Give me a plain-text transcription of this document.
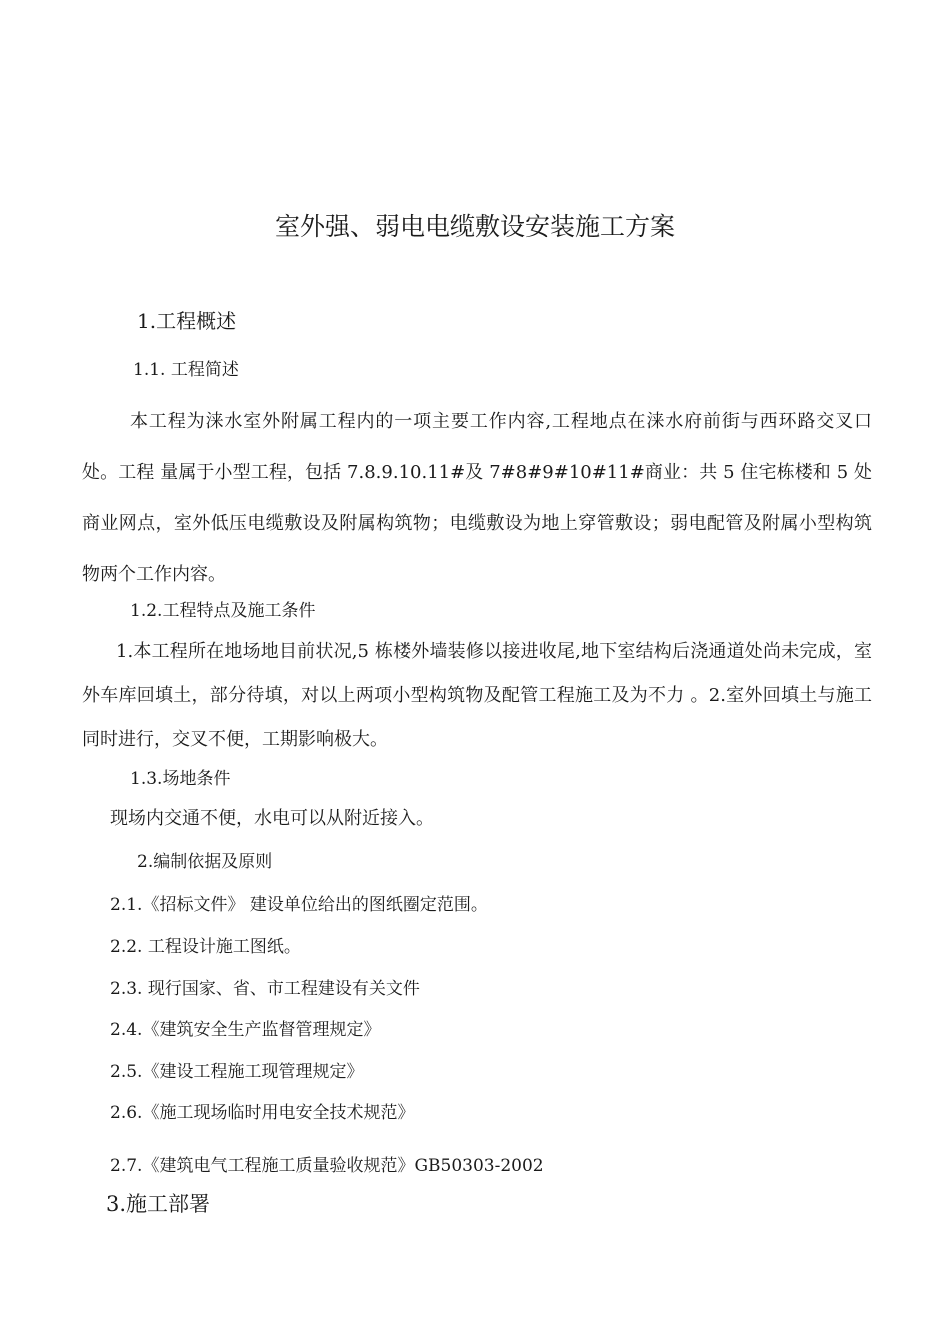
室外强、弱电电缆敷设安装施工方案
1.工程概述
1.1. 工程简述

本工程为涞水室外附属工程内的一项主要工作内容,工程地点在涞水府前街与西环路交叉口处。工程 量属于小型工程，包括 7.8.9.10.11#及 7#8#9#10#11#商业：共 5 住宅栋楼和 5 处商业网点，室外低压电缆敷设及附属构筑物；电缆敷设为地上穿管敷设；弱电配管及附属小型构筑物两个工作内容。

1.2.工程特点及施工条件

1.本工程所在地场地目前状况,5 栋楼外墙装修以接进收尾,地下室结构后浇通道处尚未完成，室外车库回填土，部分待填，对以上两项小型构筑物及配管工程施工及为不力 。2.室外回填土与施工同时进行，交叉不便，工期影响极大。

1.3.场地条件
现场内交通不便，水电可以从附近接入。
2.编制依据及原则
2.1.《招标文件》 建设单位给出的图纸圈定范围。
2.2. 工程设计施工图纸。
2.3. 现行国家、省、市工程建设有关文件
2.4.《建筑安全生产监督管理规定》
2.5.《建设工程施工现管理规定》
2.6.《施工现场临时用电安全技术规范》
2.7.《建筑电气工程施工质量验收规范》GB50303-2002
3.施工部署
